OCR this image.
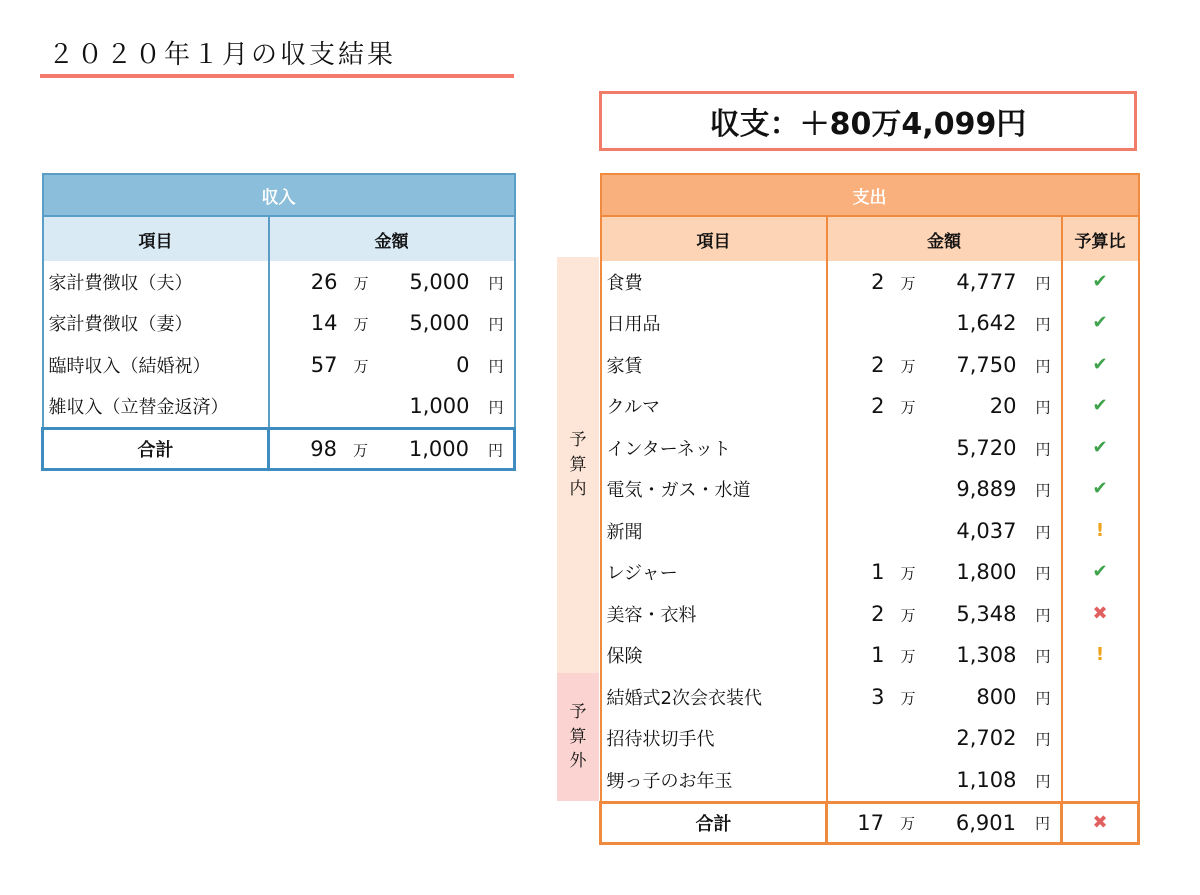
２０２０年１月の収支結果
収支：＋80万4,099円
収入	
項目	金額
家計費徴収（夫）	26 万 5,000 円

家計費徴収（妻）	14 万 5,000 円

臨時収入（結婚祝）	57 万 0 円

雑収入（立替金返済）	1,000 円

合計	98 万 1,000 円
予
算
内
予
算
外
支出		
項目	金額	予算比
食費	2 万 4,777 円	✔
日用品	1,642 円	✔
家賃	2 万 7,750 円	✔
クルマ	2 万 20 円	✔
インターネット	5,720 円	✔
電気・ガス・水道	9,889 円	✔
新聞	4,037 円	!
レジャー	1 万 1,800 円	✔
美容・衣料	2 万 5,348 円	✖
保険	1 万 1,308 円	!
結婚式2次会衣装代	3 万 800 円	

招待状切手代	2,702 円	

甥っ子のお年玉	1,108 円	

合計	17 万 6,901 円	✖
